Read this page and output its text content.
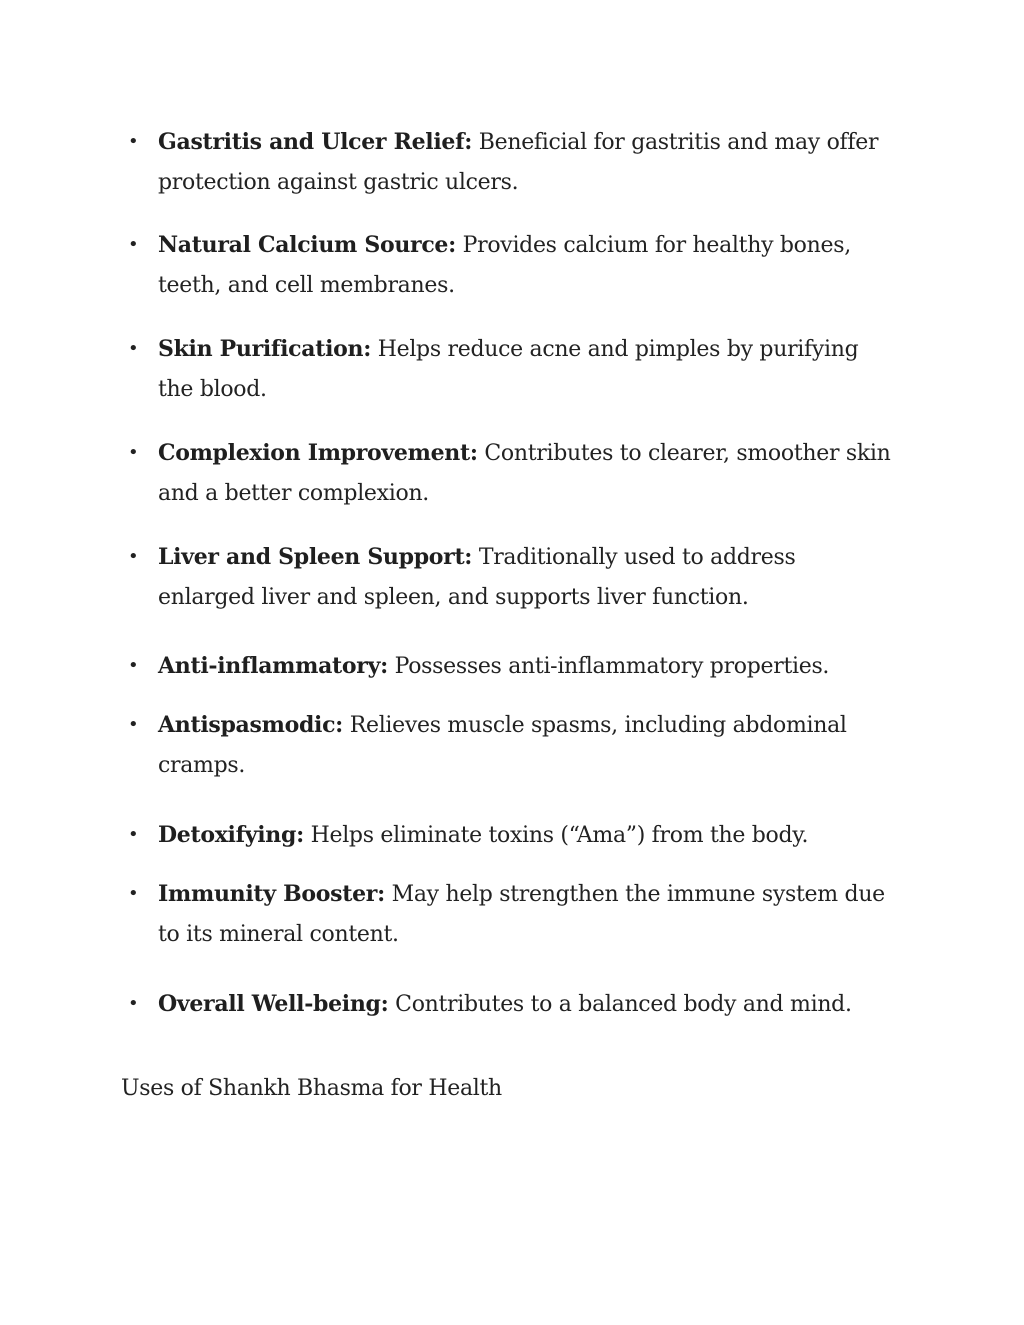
• Gastritis and Ulcer Relief: Beneficial for gastritis and may offer protection against gastric ulcers.
• Natural Calcium Source: Provides calcium for healthy bones, teeth, and cell membranes.
• Skin Purification: Helps reduce acne and pimples by purifying the blood.
• Complexion Improvement: Contributes to clearer, smoother skin and a better complexion.
• Liver and Spleen Support: Traditionally used to address enlarged liver and spleen, and supports liver function.
• Anti-inflammatory: Possesses anti-inflammatory properties.
• Antispasmodic: Relieves muscle spasms, including abdominal cramps.
• Detoxifying: Helps eliminate toxins (“Ama”) from the body.
• Immunity Booster: May help strengthen the immune system due to its mineral content.
• Overall Well-being: Contributes to a balanced body and mind.

Uses of Shankh Bhasma for Health
